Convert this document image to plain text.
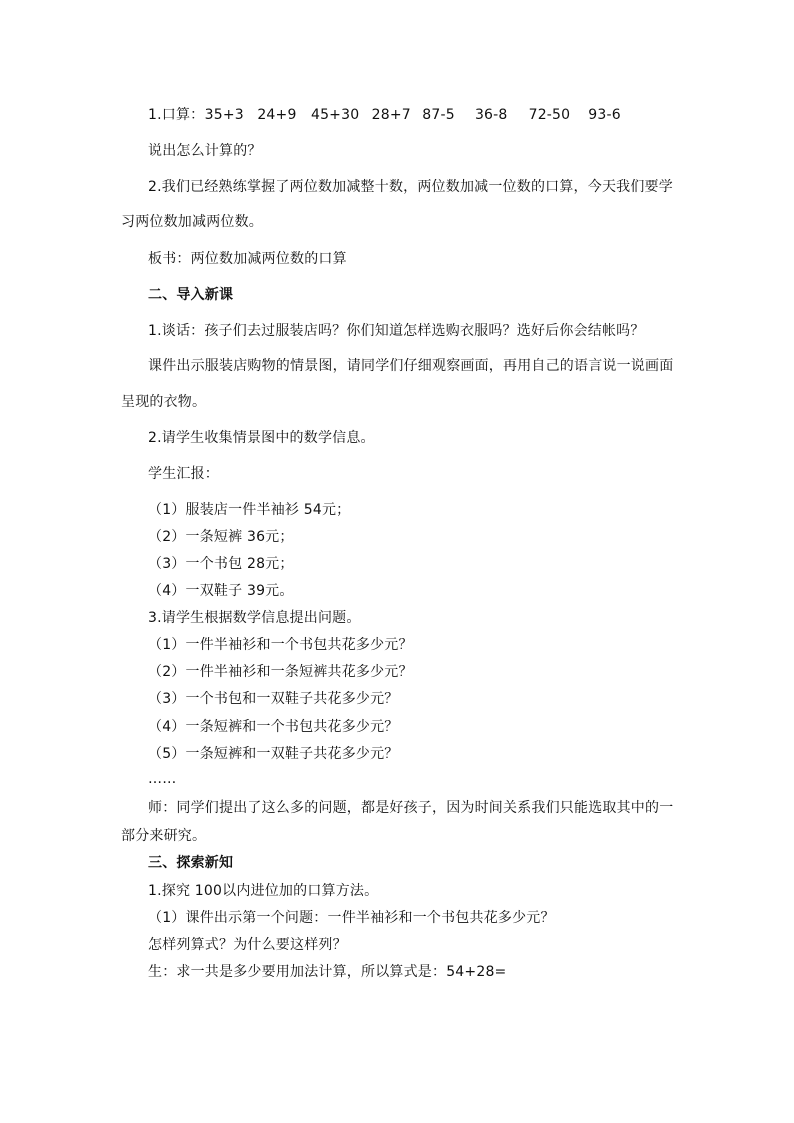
1.口算： 35+3 24+9 45+30 28+7 87-5 36-8 72-50 93-6
说出怎么计算的？
2.我们已经熟练掌握了两位数加减整十数，两位数加减一位数的口算，今天我们要学
习两位数加减两位数。
板书：两位数加减两位数的口算
二、导入新课
1.谈话：孩子们去过服装店吗？你们知道怎样选购衣服吗？选好后你会结帐吗？
课件出示服装店购物的情景图，请同学们仔细观察画面，再用自己的语言说一说画面
呈现的衣物。
2.请学生收集情景图中的数学信息。
学生汇报：
（1）服装店一件半袖衫 54元；
（2）一条短裤 36元；
（3）一个书包 28元；
（4）一双鞋子 39元。
3.请学生根据数学信息提出问题。
（1）一件半袖衫和一个书包共花多少元？
（2）一件半袖衫和一条短裤共花多少元？
（3）一个书包和一双鞋子共花多少元？
（4）一条短裤和一个书包共花多少元？
（5）一条短裤和一双鞋子共花多少元？
……
师：同学们提出了这么多的问题，都是好孩子，因为时间关系我们只能选取其中的一
部分来研究。
三、探索新知
1.探究 100以内进位加的口算方法。
（1）课件出示第一个问题：一件半袖衫和一个书包共花多少元？
怎样列算式？为什么要这样列？
生：求一共是多少要用加法计算，所以算式是：54+28=
